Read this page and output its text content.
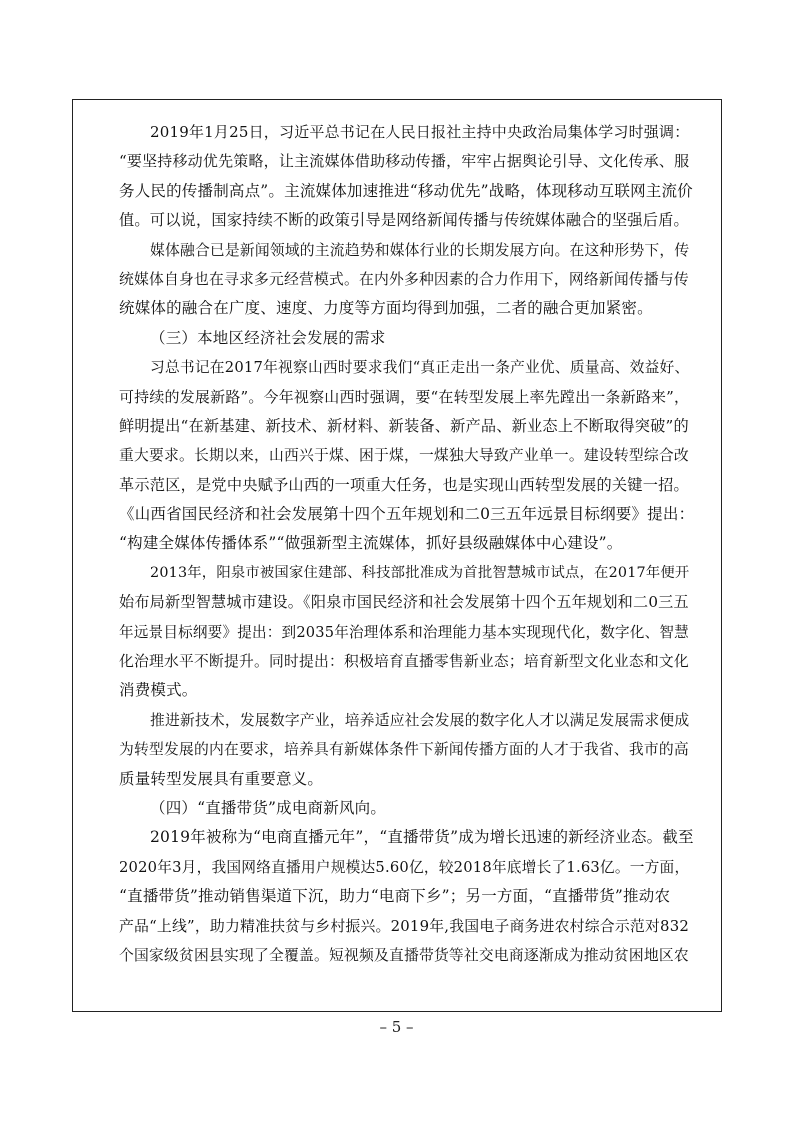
2019年1月25日，习近平总书记在人民日报社主持中央政治局集体学习时强调：
“要坚持移动优先策略，让主流媒体借助移动传播，牢牢占据舆论引导、文化传承、服
务人民的传播制高点”。主流媒体加速推进“移动优先”战略，体现移动互联网主流价
值。可以说，国家持续不断的政策引导是网络新闻传播与传统媒体融合的坚强后盾。
媒体融合已是新闻领域的主流趋势和媒体行业的长期发展方向。在这种形势下，传
统媒体自身也在寻求多元经营模式。在内外多种因素的合力作用下，网络新闻传播与传
统媒体的融合在广度、速度、力度等方面均得到加强，二者的融合更加紧密。
（三）本地区经济社会发展的需求
习总书记在2017年视察山西时要求我们“真正走出一条产业优、质量高、效益好、
可持续的发展新路”。今年视察山西时强调，要“在转型发展上率先蹚出一条新路来”，
鲜明提出“在新基建、新技术、新材料、新装备、新产品、新业态上不断取得突破”的
重大要求。长期以来，山西兴于煤、困于煤，一煤独大导致产业单一。建设转型综合改
革示范区，是党中央赋予山西的一项重大任务，也是实现山西转型发展的关键一招。
《山西省国民经济和社会发展第十四个五年规划和二0三五年远景目标纲要》提出：
“构建全媒体传播体系”“做强新型主流媒体，抓好县级融媒体中心建设”。
2013年，阳泉市被国家住建部、科技部批准成为首批智慧城市试点，在2017年便开
始布局新型智慧城市建设。《阳泉市国民经济和社会发展第十四个五年规划和二0三五
年远景目标纲要》提出：到2035年治理体系和治理能力基本实现现代化，数字化、智慧
化治理水平不断提升。同时提出：积极培育直播零售新业态；培育新型文化业态和文化
消费模式。
推进新技术，发展数字产业，培养适应社会发展的数字化人才以满足发展需求便成
为转型发展的内在要求，培养具有新媒体条件下新闻传播方面的人才于我省、我市的高
质量转型发展具有重要意义。
（四）“直播带货”成电商新风向。
2019年被称为“电商直播元年”，“直播带货”成为增长迅速的新经济业态。截至
2020年3月，我国网络直播用户规模达5.60亿，较2018年底增长了1.63亿。一方面，
“直播带货”推动销售渠道下沉，助力“电商下乡”；另一方面，“直播带货”推动农
产品“上线”，助力精准扶贫与乡村振兴。2019年,我国电子商务进农村综合示范对832
个国家级贫困县实现了全覆盖。短视频及直播带货等社交电商逐渐成为推动贫困地区农
– 5 –
